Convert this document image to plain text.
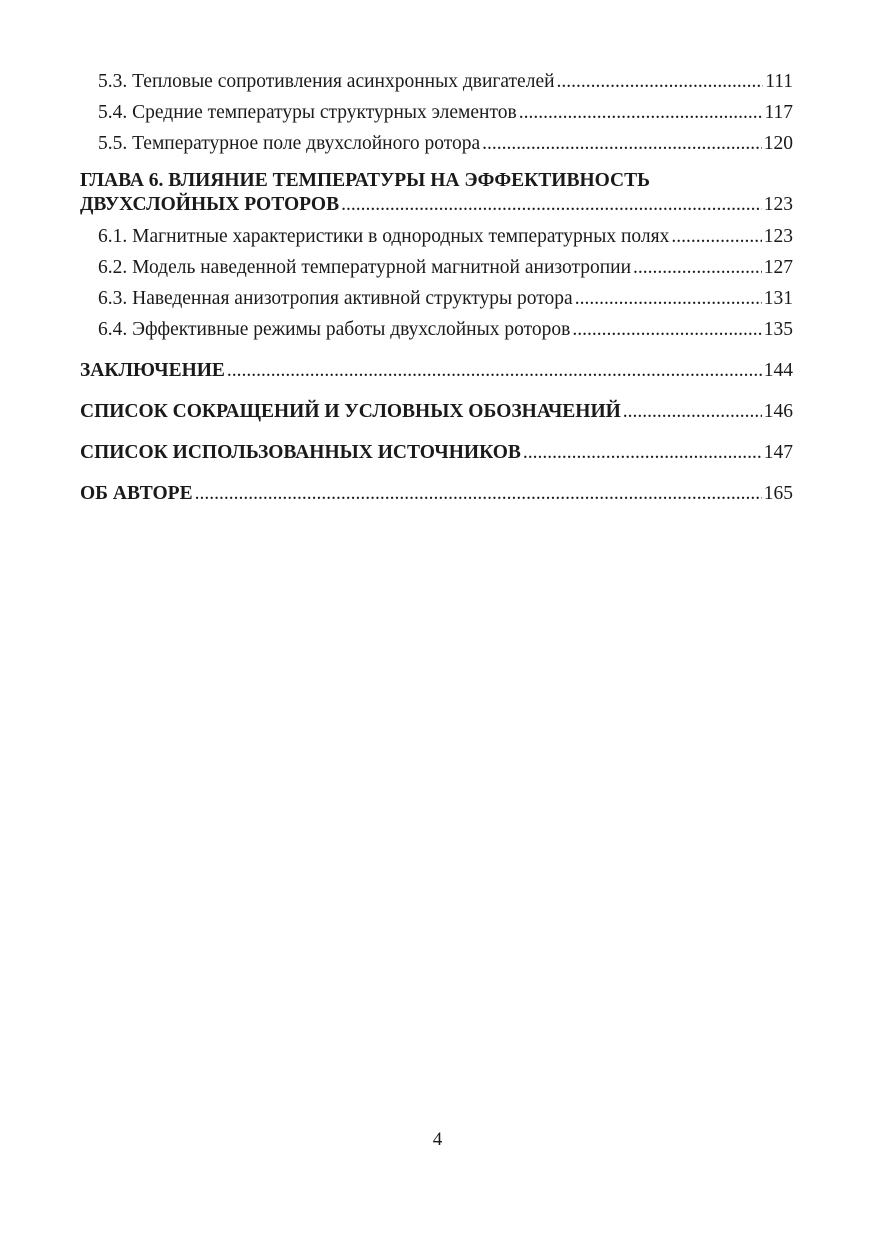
5.3. Тепловые сопротивления асинхронных двигателей .....	111
5.4. Средние температуры структурных элементов .....	117
5.5. Температурное поле двухслойного ротора .....	120
ГЛАВА 6. ВЛИЯНИЕ ТЕМПЕРАТУРЫ НА ЭФФЕКТИВНОСТЬ
ДВУХСЛОЙНЫХ РОТОРОВ .....	123
6.1. Магнитные характеристики в однородных температурных полях .....	123
6.2. Модель наведенной температурной магнитной анизотропии .....	127
6.3. Наведенная анизотропия активной структуры ротора .....	131
6.4. Эффективные режимы работы двухслойных роторов .....	135
ЗАКЛЮЧЕНИЕ .....	144
СПИСОК СОКРАЩЕНИЙ И УСЛОВНЫХ ОБОЗНАЧЕНИЙ .....	146
СПИСОК ИСПОЛЬЗОВАННЫХ ИСТОЧНИКОВ .....	147
ОБ АВТОРЕ .....	165
4
